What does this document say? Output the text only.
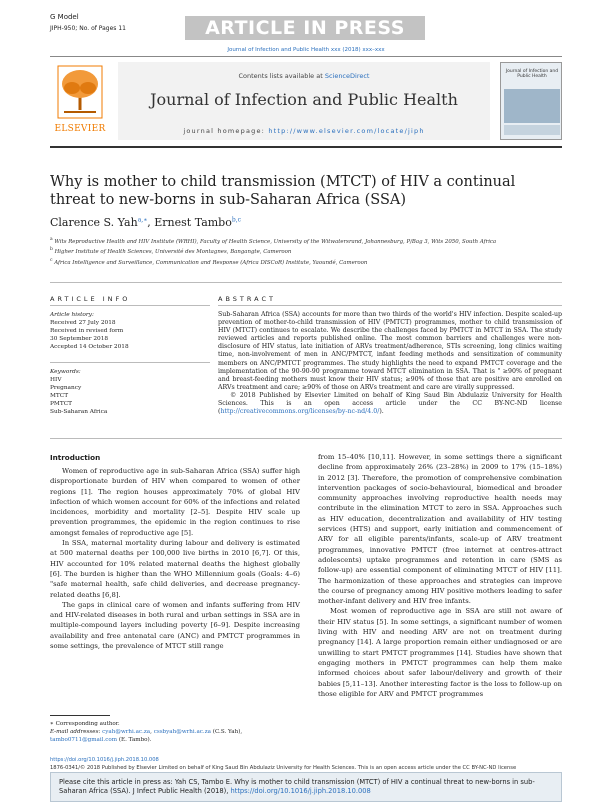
G Model
JIPH-950; No. of Pages 11	ARTICLE IN PRESS
Journal of Infection and Public Health xxx (2018) xxx–xxx
ELSEVIER
Contents lists available at ScienceDirect
Journal of Infection and Public Health
journal homepage: http://www.elsevier.com/locate/jiph
Journal of Infection and Public Health
Why is mother to child transmission (MTCT) of HIV a continual threat to new-borns in sub-Saharan Africa (SSA)
Clarence S. Yah$^{a,∗}$, Ernest Tambo$^{b,c}$
$^a$ Wits Reproductive Health and HIV Institute (WRHI), Faculty of Health Science, University of the Witwatersrand, Johannesburg, P/Bag 3, Wits 2050, South Africa
$^b$ Higher Institute of Health Sciences, Université des Montagnes, Bangangte, Cameroon
$^c$ Africa Intelligence and Surveillance, Communication and Response (Africa DISCoR) Institute, Yaoundé, Cameroon
ARTICLE INFO	ABSTRACT
Article history:
Received 27 July 2018
Received in revised form
30 September 2018
Accepted 14 October 2018
Keywords:
HIV
Pregnancy
MTCT
PMTCT
Sub-Saharan Africa

Sub-Saharan Africa (SSA) accounts for more than two thirds of the world's HIV infection. Despite scaled-up prevention of mother-to-child transmission of HIV (PMTCT) programmes, mother to child transmission of HIV (MTCT) continues to escalate. We describe the challenges faced by PMTCT in MTCT in SSA. The study reviewed articles and reports published online. The most common barriers and challenges were non-disclosure of HIV status, late initiation of ARVs treatment/adherence, STIs screening, long clinics waiting time, non-involvement of men in ANC/PMTCT, infant feeding methods and sensitization of community members on ANC/PMTCT programmes. The study highlights the need to expand PMTCT coverage and the implementation of the 90-90-90 programme toward MTCT elimination in SSA. That is " ≥90% of pregnant and breast-feeding mothers must know their HIV status; ≥90% of those that are positive are enrolled on ARVs treatment and care; ≥90% of those on ARVs treatment and care are virally suppressed.

© 2018 Published by Elsevier Limited on behalf of King Saud Bin Abdulaziz University for Health Sciences. This is an open access article under the CC BY-NC-ND license (http://creativecommons.org/licenses/by-nc-nd/4.0/).

Introduction

Women of reproductive age in sub-Saharan Africa (SSA) suffer high disproportionate burden of HIV when compared to women of other regions [1]. The region houses approximately 70% of global HIV infection of which women account for 60% of the infections and related incidences, morbidity and mortality [2–5]. Despite HIV scale up prevention programmes, the epidemic in the region continues to rise amongst females of reproductive age [5].

In SSA, maternal mortality during labour and delivery is estimated at 500 maternal deaths per 100,000 live births in 2010 [6,7]. Of this, HIV accounted for 10% related maternal deaths the highest globally [6]. The burden is higher than the WHO Millennium goals (Goals: 4–6) "safe maternal health, safe child deliveries, and decrease pregnancy-related deaths [6,8].

The gaps in clinical care of women and infants suffering from HIV and HIV-related diseases in both rural and urban settings in SSA are in multiple-compound layers including poverty [6–9]. Despite increasing availability and free antenatal care (ANC) and PMTCT programmes in some settings, the prevalence of MTCT still range

from 15–40% [10,11]. However, in some settings there a significant decline from approximately 26% (23–28%) in 2009 to 17% (15–18%) in 2012 [3]. Therefore, the promotion of comprehensive combination intervention packages of socio-behavioural, biomedical and broader community approaches involving reproductive health needs may contribute in the elimination MTCT to zero in SSA. Approaches such as HIV education, decentralization and availability of HIV testing services (HTS) and support, early initiation and commencement of ARV for all eligible parents/infants, scale-up of ARV treatment programmes, innovative PMTCT (free internet at centres-attract adolescents) uptake programmes and retention in care (SMS as follow-up) are essential component of eliminating MTCT of HIV [11]. The harmonization of these approaches and strategies can improve the course of pregnancy among HIV positive mothers leading to safer mother-infant delivery and HIV free infants.

Most women of reproductive age in SSA are still not aware of their HIV status [5]. In some settings, a significant number of women living with HIV and needing ARV are not on treatment during pregnancy [14]. A large proportion remain either undiagnosed or are unwilling to start PMTCT programmes [14]. Studies have shown that engaging mothers in PMTCT programmes can help them make informed choices about safer labour/delivery and growth of their babies [5,11–13]. Another interesting factor is the loss to follow-up on those eligible for ARV and PMTCT programmes

∗ Corresponding author.
E-mail addresses: cyah@wrhi.ac.za, cssbyah@wrhi.ac.za (C.S. Yah),
tambo0711@gmail.com (E. Tambo).
https://doi.org/10.1016/j.jiph.2018.10.008
1876-0341/© 2018 Published by Elsevier Limited on behalf of King Saud Bin Abdulaziz University for Health Sciences. This is an open access article under the CC BY-NC-ND license
Please cite this article in press as: Yah CS, Tambo E. Why is mother to child transmission (MTCT) of HIV a continual threat to new-borns in sub-Saharan Africa (SSA). J Infect Public Health (2018), https://doi.org/10.1016/j.jiph.2018.10.008
